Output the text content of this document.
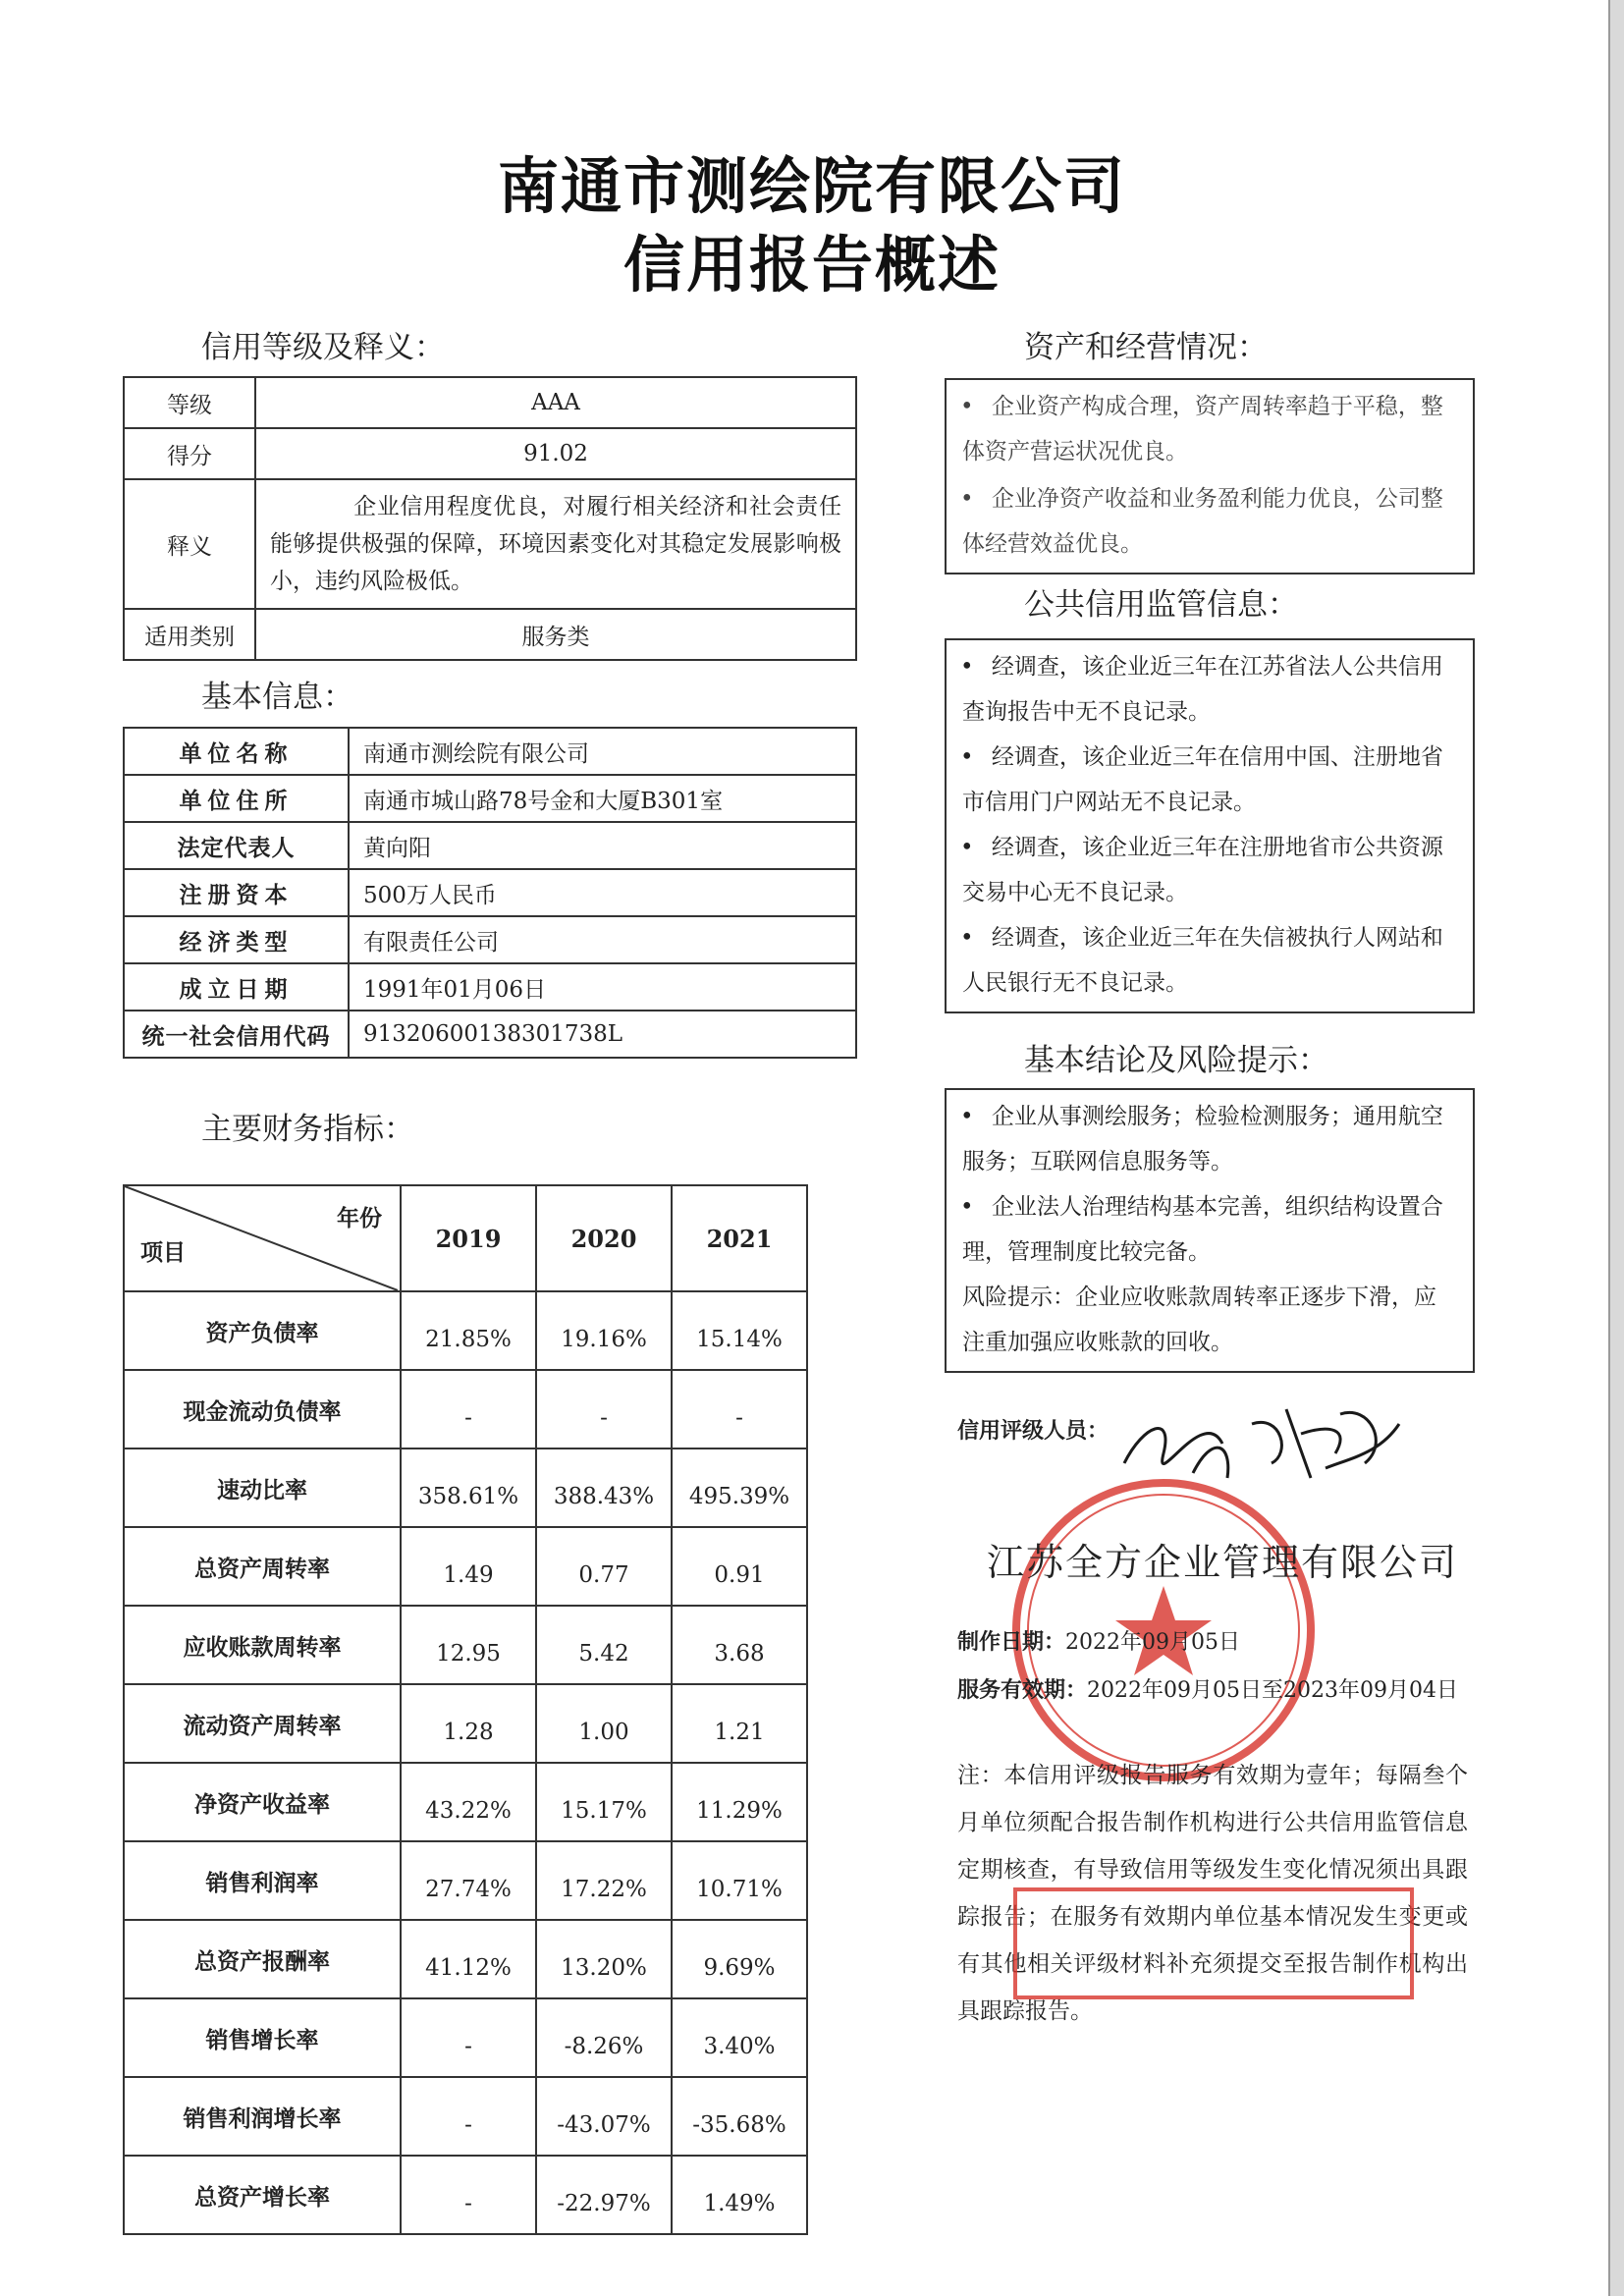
南通市测绘院有限公司
信用报告概述
信用等级及释义：
等级	AAA
得分	91.02
释义	企业信用程度优良，对履行相关经济和社会责任能够提供极强的保障，环境因素变化对其稳定发展影响极小，违约风险极低。
适用类别	服务类
基本信息：
单位名称	南通市测绘院有限公司
单位住所	南通市城山路78号金和大厦B301室
法定代表人	黄向阳
注册资本	500万人民币
经济类型	有限责任公司
成立日期	1991年01月06日
统一社会信用代码	91320600138301738L
主要财务指标：
年份
项目	2019	2020	2021
资产负债率	21.85%	19.16%	15.14%
现金流动负债率	-	-	-
速动比率	358.61%	388.43%	495.39%
总资产周转率	1.49	0.77	0.91
应收账款周转率	12.95	5.42	3.68
流动资产周转率	1.28	1.00	1.21
净资产收益率	43.22%	15.17%	11.29%
销售利润率	27.74%	17.22%	10.71%
总资产报酬率	41.12%	13.20%	9.69%
销售增长率	-	-8.26%	3.40%
销售利润增长率	-	-43.07%	-35.68%
总资产增长率	-	-22.97%	1.49%
资产和经营情况：
• 企业资产构成合理，资产周转率趋于平稳，整体资产营运状况优良。
• 企业净资产收益和业务盈利能力优良，公司整体经营效益优良。
公共信用监管信息：
• 经调查，该企业近三年在江苏省法人公共信用查询报告中无不良记录。
• 经调查，该企业近三年在信用中国、注册地省市信用门户网站无不良记录。
• 经调查，该企业近三年在注册地省市公共资源交易中心无不良记录。
• 经调查，该企业近三年在失信被执行人网站和人民银行无不良记录。
基本结论及风险提示：
• 企业从事测绘服务；检验检测服务；通用航空服务；互联网信息服务等。
• 企业法人治理结构基本完善，组织结构设置合理，管理制度比较完备。
风险提示：企业应收账款周转率正逐步下滑，应注重加强应收账款的回收。
信用评级人员：
江苏全方企业管理有限公司
制作日期：2022年09月05日
服务有效期：2022年09月05日至2023年09月04日
注：本信用评级报告服务有效期为壹年；每隔叁个月单位须配合报告制作机构进行公共信用监管信息定期核查，有导致信用等级发生变化情况须出具跟踪报告；在服务有效期内单位基本情况发生变更或有其他相关评级材料补充须提交至报告制作机构出具跟踪报告。
